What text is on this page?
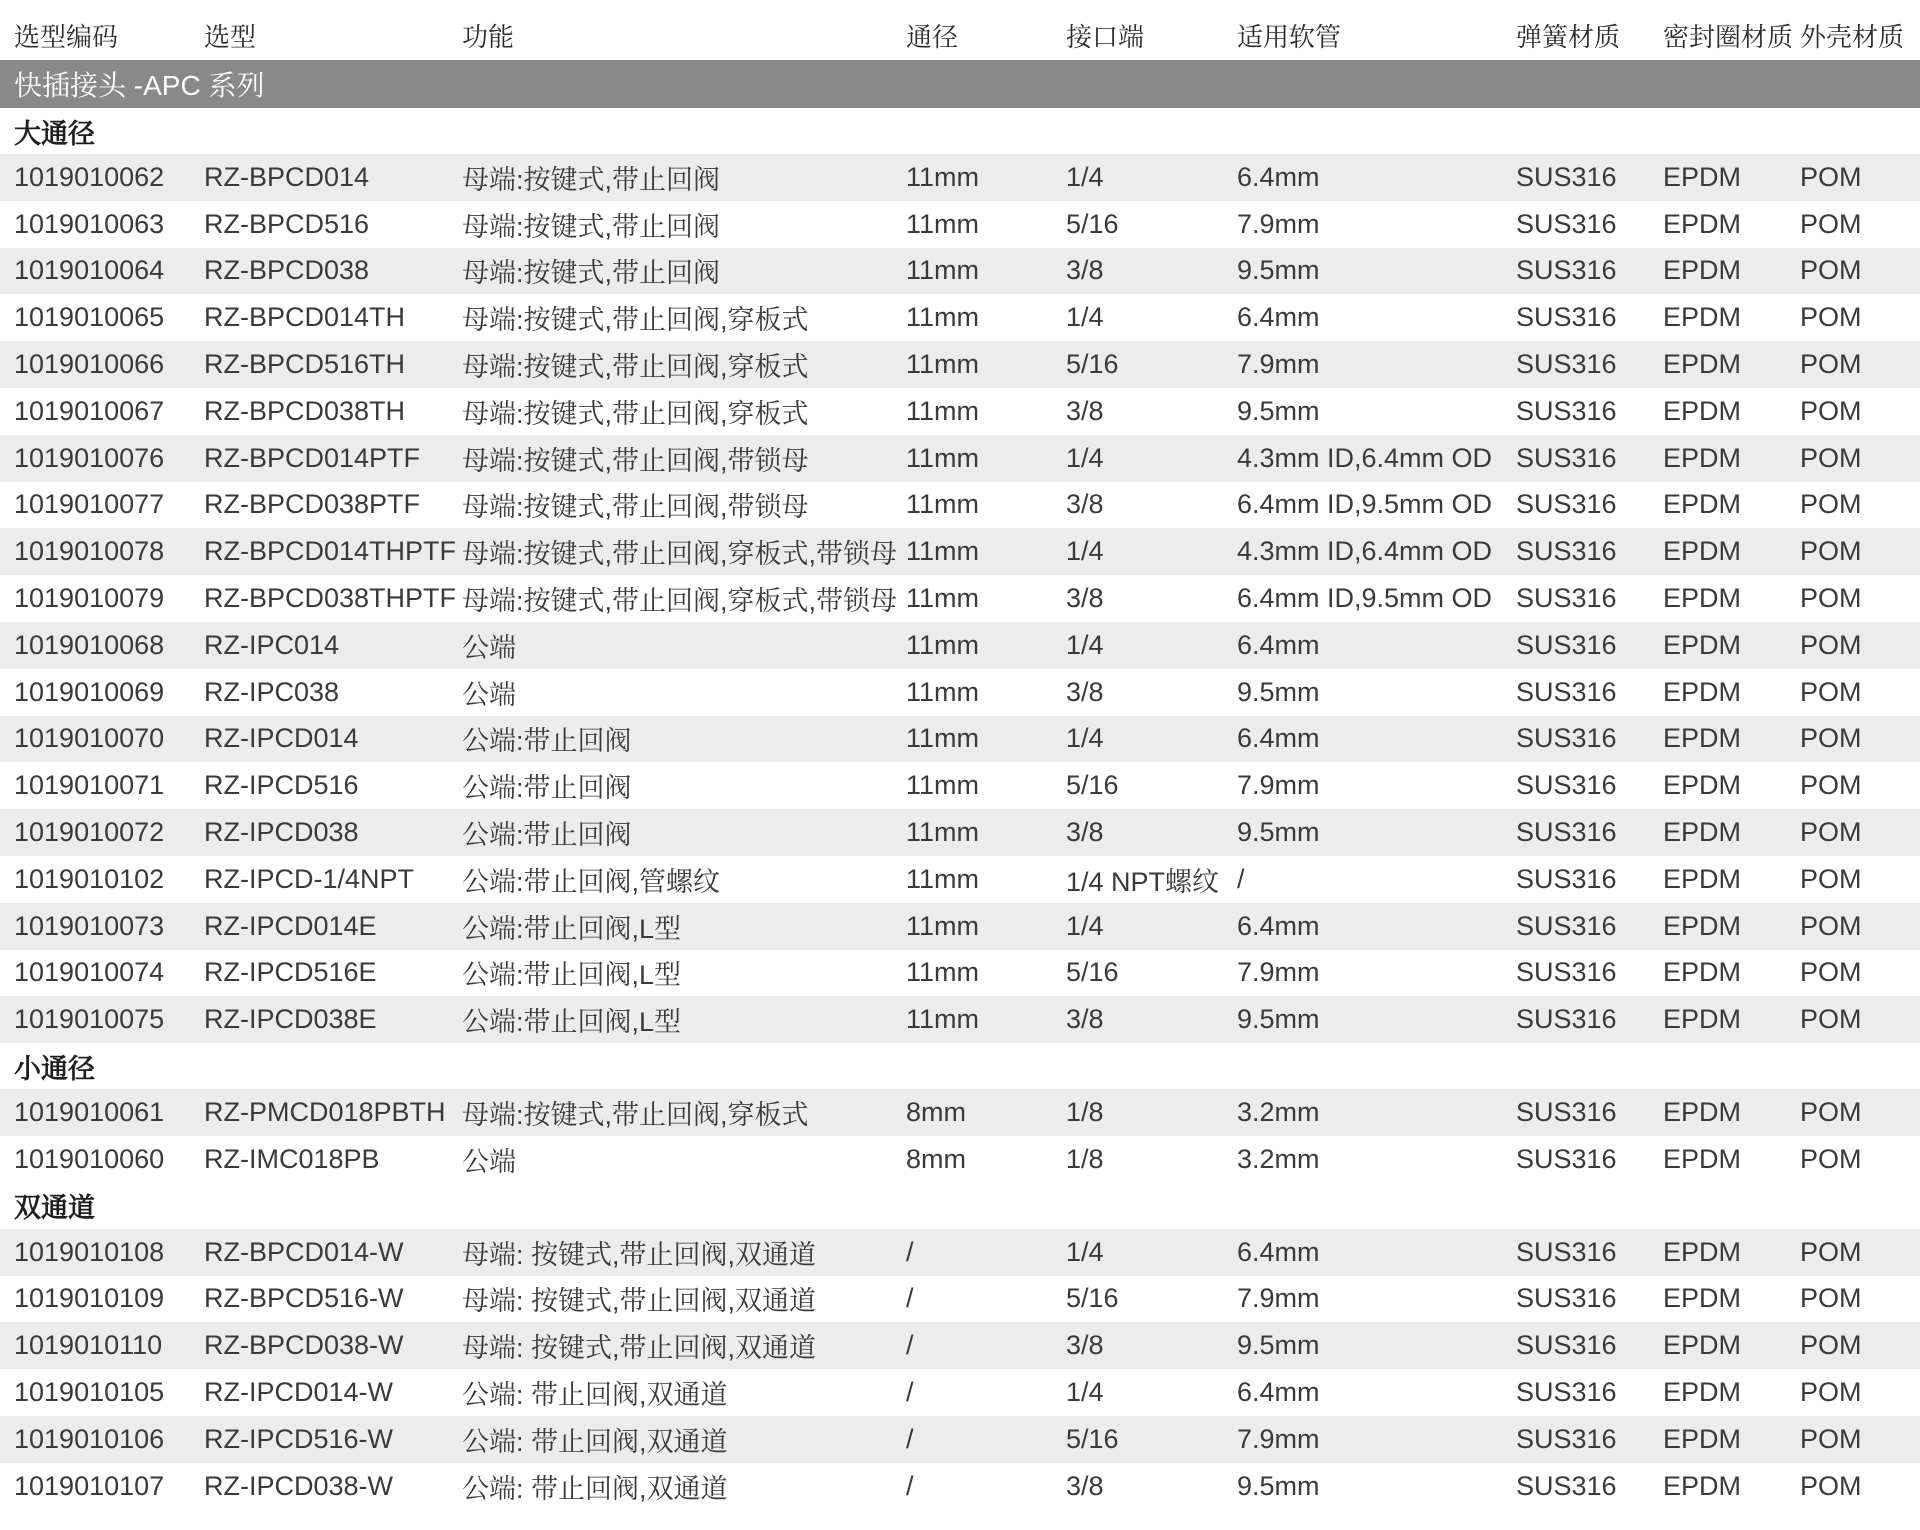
选型编码	选型	功能	通径	接口端	适用软管	弹簧材质 密封圈材质 外壳材质
快插接头 -APC 系列
大通径
1019010062 RZ-BPCD014	母端:按键式,带止回阀	11mm	1/4	6.4mm	SUS316 EPDM POM
1019010063 RZ-BPCD516	母端:按键式,带止回阀	11mm	5/16	7.9mm	SUS316 EPDM POM
1019010064 RZ-BPCD038	母端:按键式,带止回阀	11mm	3/8	9.5mm	SUS316 EPDM POM
1019010065 RZ-BPCD014TH 母端:按键式,带止回阀,穿板式	11mm	1/4	6.4mm	SUS316 EPDM POM
1019010066 RZ-BPCD516TH 母端:按键式,带止回阀,穿板式	11mm	5/16	7.9mm	SUS316 EPDM POM
1019010067 RZ-BPCD038TH 母端:按键式,带止回阀,穿板式	11mm	3/8	9.5mm	SUS316 EPDM POM
1019010076 RZ-BPCD014PTF 母端:按键式,带止回阀,带锁母	11mm	1/4	4.3mm ID,6.4mm OD SUS316 EPDM POM
1019010077 RZ-BPCD038PTF 母端:按键式,带止回阀,带锁母	11mm	3/8	6.4mm ID,9.5mm OD SUS316 EPDM POM
1019010078 RZ-BPCD014THPTF 母端:按键式,带止回阀,穿板式,带锁母 11mm	1/4	4.3mm ID,6.4mm OD SUS316 EPDM POM
1019010079 RZ-BPCD038THPTF 母端:按键式,带止回阀,穿板式,带锁母 11mm	3/8	6.4mm ID,9.5mm OD SUS316 EPDM POM
1019010068 RZ-IPC014	公端	11mm	1/4	6.4mm	SUS316 EPDM POM
1019010069 RZ-IPC038	公端	11mm	3/8	9.5mm	SUS316 EPDM POM
1019010070 RZ-IPCD014	公端:带止回阀	11mm	1/4	6.4mm	SUS316 EPDM POM
1019010071 RZ-IPCD516	公端:带止回阀	11mm	5/16	7.9mm	SUS316 EPDM POM
1019010072 RZ-IPCD038	公端:带止回阀	11mm	3/8	9.5mm	SUS316 EPDM POM
1019010102 RZ-IPCD-1/4NPT 公端:带止回阀,管螺纹	11mm	1/4 NPT螺纹 /	SUS316 EPDM POM
1019010073 RZ-IPCD014E	公端:带止回阀,L型	11mm	1/4	6.4mm	SUS316 EPDM POM
1019010074 RZ-IPCD516E	公端:带止回阀,L型	11mm	5/16	7.9mm	SUS316 EPDM POM
1019010075 RZ-IPCD038E	公端:带止回阀,L型	11mm	3/8	9.5mm	SUS316 EPDM POM
小通径
1019010061 RZ-PMCD018PBTH 母端:按键式,带止回阀,穿板式	8mm	1/8	3.2mm	SUS316 EPDM POM
1019010060 RZ-IMC018PB	公端	8mm	1/8	3.2mm	SUS316 EPDM POM
双通道
1019010108 RZ-BPCD014-W 母端: 按键式,带止回阀,双通道	/	1/4	6.4mm	SUS316 EPDM POM
1019010109 RZ-BPCD516-W 母端: 按键式,带止回阀,双通道	/	5/16	7.9mm	SUS316 EPDM POM
1019010110 RZ-BPCD038-W 母端: 按键式,带止回阀,双通道	/	3/8	9.5mm	SUS316 EPDM POM
1019010105 RZ-IPCD014-W	公端: 带止回阀,双通道	/	1/4	6.4mm	SUS316 EPDM POM
1019010106 RZ-IPCD516-W	公端: 带止回阀,双通道	/	5/16	7.9mm	SUS316 EPDM POM
1019010107 RZ-IPCD038-W	公端: 带止回阀,双通道	/	3/8	9.5mm	SUS316 EPDM POM
